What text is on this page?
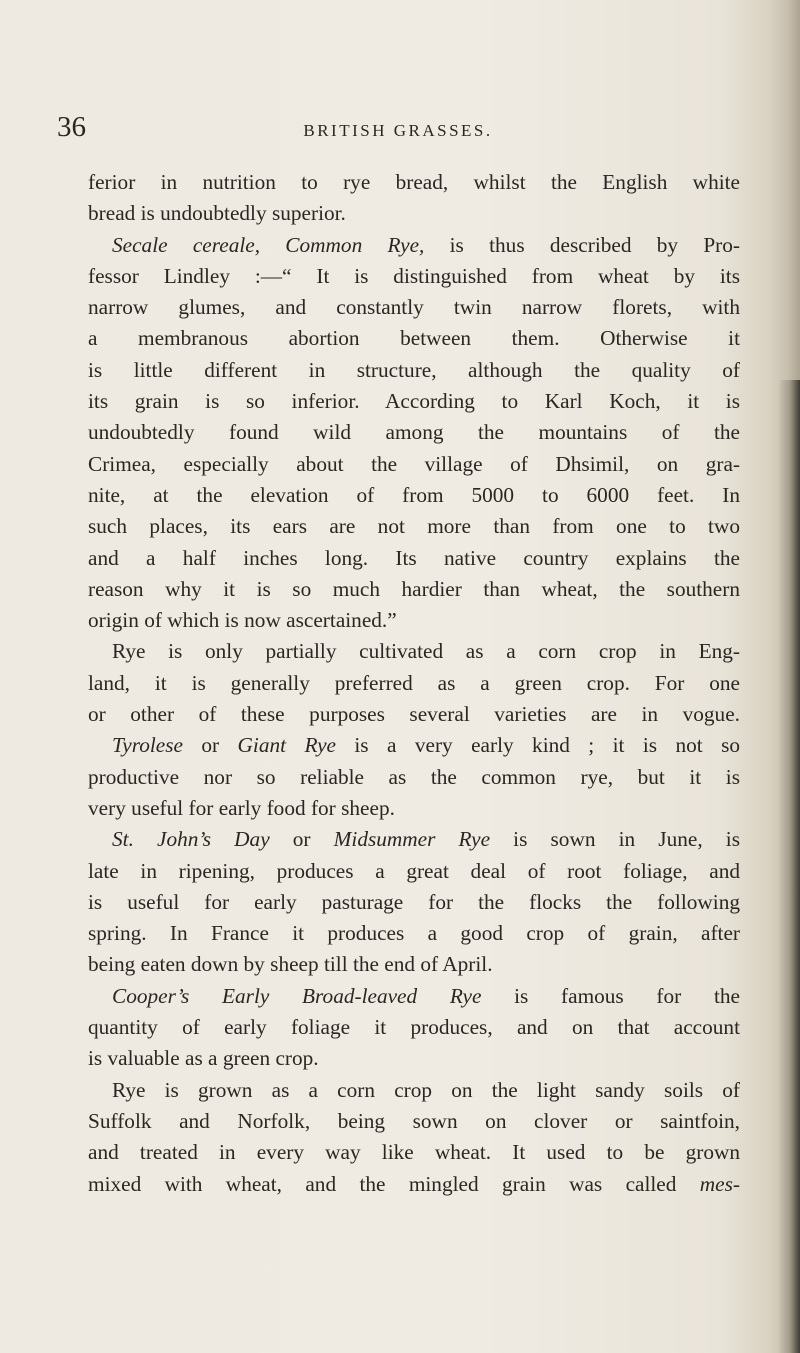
36	BRITISH GRASSES.
ferior in nutrition to rye bread, whilst the English white
bread is undoubtedly superior.
Secale cereale, Common Rye, is thus described by Pro-
fessor Lindley :—“ It is distinguished from wheat by its
narrow glumes, and constantly twin narrow florets, with
a membranous abortion between them. Otherwise it
is little different in structure, although the quality of
its grain is so inferior. According to Karl Koch, it is
undoubtedly found wild among the mountains of the
Crimea, especially about the village of Dhsimil, on gra-
nite, at the elevation of from 5000 to 6000 feet. In
such places, its ears are not more than from one to two
and a half inches long. Its native country explains the
reason why it is so much hardier than wheat, the southern
origin of which is now ascertained.”
Rye is only partially cultivated as a corn crop in Eng-
land, it is generally preferred as a green crop. For one
or other of these purposes several varieties are in vogue.
Tyrolese or Giant Rye is a very early kind ; it is not so
productive nor so reliable as the common rye, but it is
very useful for early food for sheep.
St. John’s Day or Midsummer Rye is sown in June, is
late in ripening, produces a great deal of root foliage, and
is useful for early pasturage for the flocks the following
spring. In France it produces a good crop of grain, after
being eaten down by sheep till the end of April.
Cooper’s Early Broad-leaved Rye is famous for the
quantity of early foliage it produces, and on that account
is valuable as a green crop.
Rye is grown as a corn crop on the light sandy soils of
Suffolk and Norfolk, being sown on clover or saintfoin,
and treated in every way like wheat. It used to be grown
mixed with wheat, and the mingled grain was called mes-
